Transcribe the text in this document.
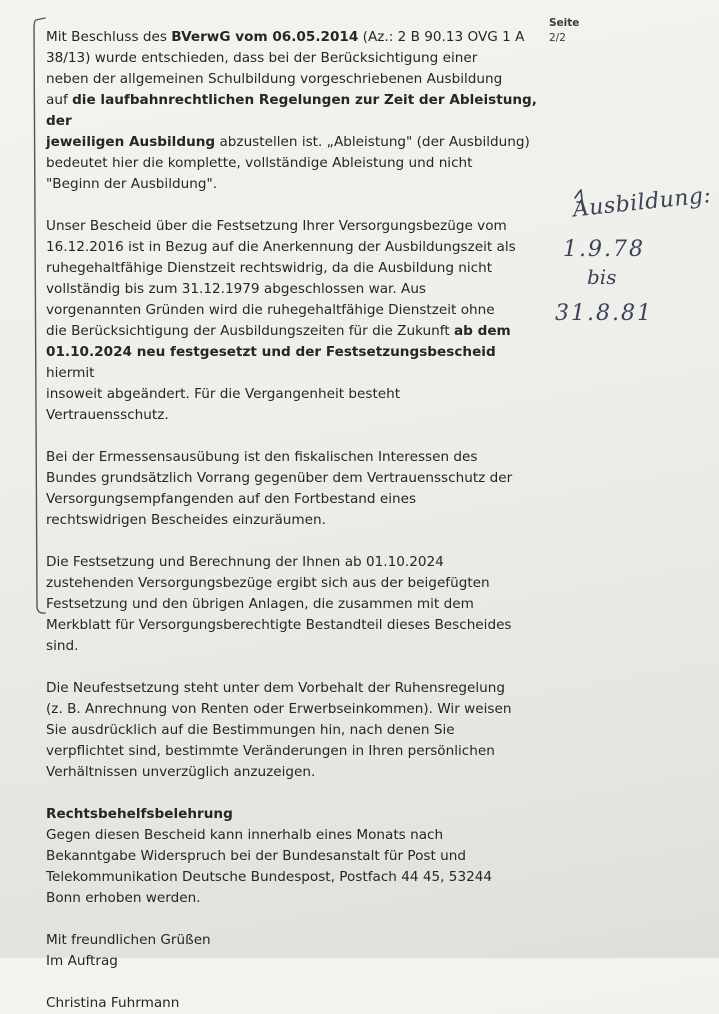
Seite
2/2

Mit Beschluss des BVerwG vom 06.05.2014 (Az.: 2 B 90.13 OVG 1 A

38/13) wurde entschieden, dass bei der Berücksichtigung einer

neben der allgemeinen Schulbildung vorgeschriebenen Ausbildung

auf die laufbahnrechtlichen Regelungen zur Zeit der Ableistung, der

jeweiligen Ausbildung abzustellen ist. „Ableistung" (der Ausbildung)

bedeutet hier die komplette, vollständige Ableistung und nicht

"Beginn der Ausbildung".

Unser Bescheid über die Festsetzung Ihrer Versorgungsbezüge vom

16.12.2016 ist in Bezug auf die Anerkennung der Ausbildungszeit als

ruhegehaltfähige Dienstzeit rechtswidrig, da die Ausbildung nicht

vollständig bis zum 31.12.1979 abgeschlossen war. Aus

vorgenannten Gründen wird die ruhegehaltfähige Dienstzeit ohne

die Berücksichtigung der Ausbildungszeiten für die Zukunft ab dem

01.10.2024 neu festgesetzt und der Festsetzungsbescheid hiermit

insoweit abgeändert. Für die Vergangenheit besteht

Vertrauensschutz.

Bei der Ermessensausübung ist den fiskalischen Interessen des

Bundes grundsätzlich Vorrang gegenüber dem Vertrauensschutz der

Versorgungsempfangenden auf den Fortbestand eines

rechtswidrigen Bescheides einzuräumen.

Die Festsetzung und Berechnung der Ihnen ab 01.10.2024

zustehenden Versorgungsbezüge ergibt sich aus der beigefügten

Festsetzung und den übrigen Anlagen, die zusammen mit dem

Merkblatt für Versorgungsberechtigte Bestandteil dieses Bescheides

sind.

Die Neufestsetzung steht unter dem Vorbehalt der Ruhensregelung

(z. B. Anrechnung von Renten oder Erwerbseinkommen). Wir weisen

Sie ausdrücklich auf die Bestimmungen hin, nach denen Sie

verpflichtet sind, bestimmte Veränderungen in Ihren persönlichen

Verhältnissen unverzüglich anzuzeigen.

Rechtsbehelfsbelehrung

Gegen diesen Bescheid kann innerhalb eines Monats nach

Bekanntgabe Widerspruch bei der Bundesanstalt für Post und

Telekommunikation Deutsche Bundespost, Postfach 44 45, 53244

Bonn erhoben werden.

Mit freundlichen Grüßen

Im Auftrag

Christina Fuhrmann

Ausbildung:
1.9.78
bis
31.8.81
